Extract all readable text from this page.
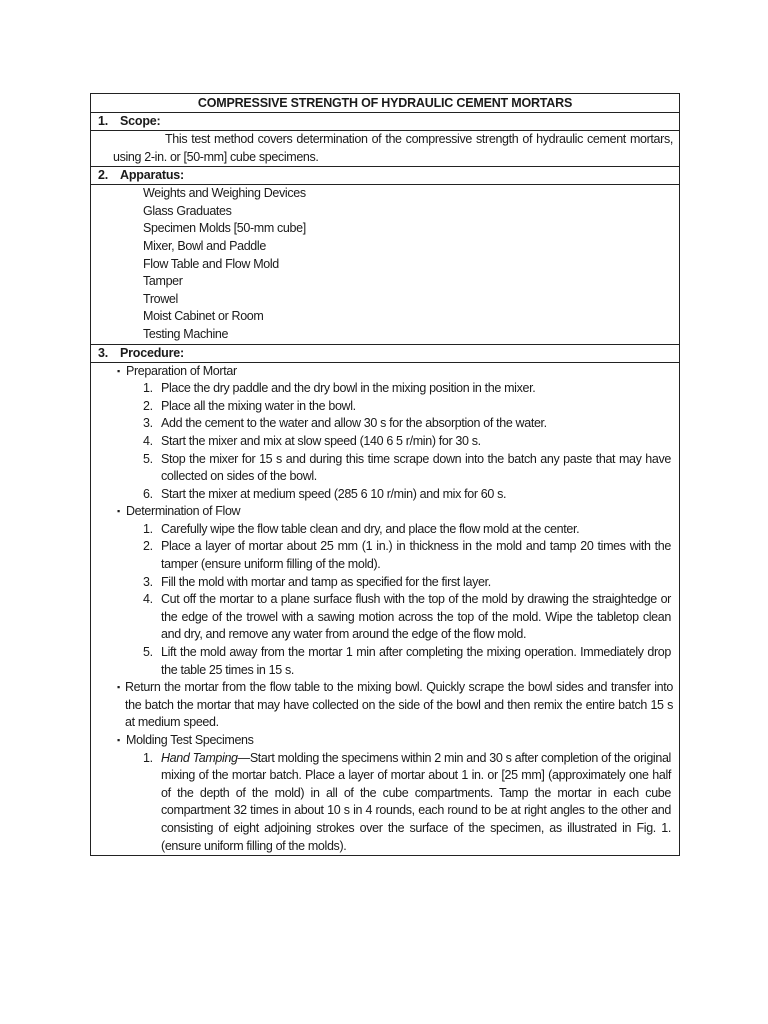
COMPRESSIVE STRENGTH OF HYDRAULIC CEMENT MORTARS
1. Scope:
This test method covers determination of the compressive strength of hydraulic cement mortars, using 2-in. or [50-mm] cube specimens.
2. Apparatus:
Weights and Weighing Devices
Glass Graduates
Specimen Molds [50-mm cube]
Mixer, Bowl and Paddle
Flow Table and Flow Mold
Tamper
Trowel
Moist Cabinet or Room
Testing Machine
3. Procedure:
▪ Preparation of Mortar
1. Place the dry paddle and the dry bowl in the mixing position in the mixer.
2. Place all the mixing water in the bowl.
3. Add the cement to the water and allow 30 s for the absorption of the water.
4. Start the mixer and mix at slow speed (140 6 5 r/min) for 30 s.
5. Stop the mixer for 15 s and during this time scrape down into the batch any paste that may have collected on sides of the bowl.
6. Start the mixer at medium speed (285 6 10 r/min) and mix for 60 s.
▪ Determination of Flow
1. Carefully wipe the flow table clean and dry, and place the flow mold at the center.
2. Place a layer of mortar about 25 mm (1 in.) in thickness in the mold and tamp 20 times with the tamper (ensure uniform filling of the mold).
3. Fill the mold with mortar and tamp as specified for the first layer.
4. Cut off the mortar to a plane surface flush with the top of the mold by drawing the straightedge or the edge of the trowel with a sawing motion across the top of the mold. Wipe the tabletop clean and dry, and remove any water from around the edge of the flow mold.
5. Lift the mold away from the mortar 1 min after completing the mixing operation. Immediately drop the table 25 times in 15 s.
▪ Return the mortar from the flow table to the mixing bowl. Quickly scrape the bowl sides and transfer into the batch the mortar that may have collected on the side of the bowl and then remix the entire batch 15 s at medium speed.
▪ Molding Test Specimens
1. Hand Tamping—Start molding the specimens within 2 min and 30 s after completion of the original mixing of the mortar batch. Place a layer of mortar about 1 in. or [25 mm] (approximately one half of the depth of the mold) in all of the cube compartments. Tamp the mortar in each cube compartment 32 times in about 10 s in 4 rounds, each round to be at right angles to the other and consisting of eight adjoining strokes over the surface of the specimen, as illustrated in Fig. 1. (ensure uniform filling of the molds).
